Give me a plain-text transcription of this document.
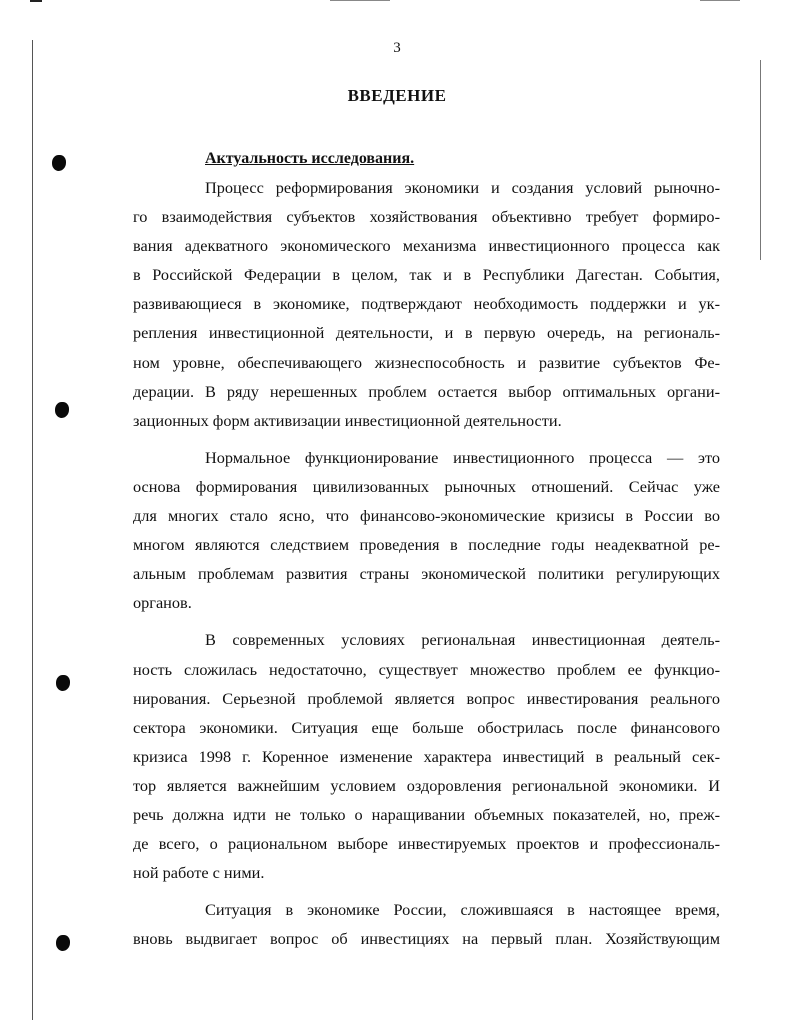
3
ВВЕДЕНИЕ
Актуальность исследования.
Процесс реформирования экономики и создания условий рыночно-
го взаимодействия субъектов хозяйствования объективно требует формиро-
вания адекватного экономического механизма инвестиционного процесса как
в Российской Федерации в целом, так и в Республики Дагестан. События,
развивающиеся в экономике, подтверждают необходимость поддержки и ук-
репления инвестиционной деятельности, и в первую очередь, на региональ-
ном уровне, обеспечивающего жизнеспособность и развитие субъектов Фе-
дерации. В ряду нерешенных проблем остается выбор оптимальных органи-
зационных форм активизации инвестиционной деятельности.
Нормальное функционирование инвестиционного процесса — это
основа формирования цивилизованных рыночных отношений. Сейчас уже
для многих стало ясно, что финансово-экономические кризисы в России во
многом являются следствием проведения в последние годы неадекватной ре-
альным проблемам развития страны экономической политики регулирующих
органов.
В современных условиях региональная инвестиционная деятель-
ность сложилась недостаточно, существует множество проблем ее функцио-
нирования. Серьезной проблемой является вопрос инвестирования реального
сектора экономики. Ситуация еще больше обострилась после финансового
кризиса 1998 г. Коренное изменение характера инвестиций в реальный сек-
тор является важнейшим условием оздоровления региональной экономики. И
речь должна идти не только о наращивании объемных показателей, но, преж-
де всего, о рациональном выборе инвестируемых проектов и профессиональ-
ной работе с ними.
Ситуация в экономике России, сложившаяся в настоящее время,
вновь выдвигает вопрос об инвестициях на первый план. Хозяйствующим
